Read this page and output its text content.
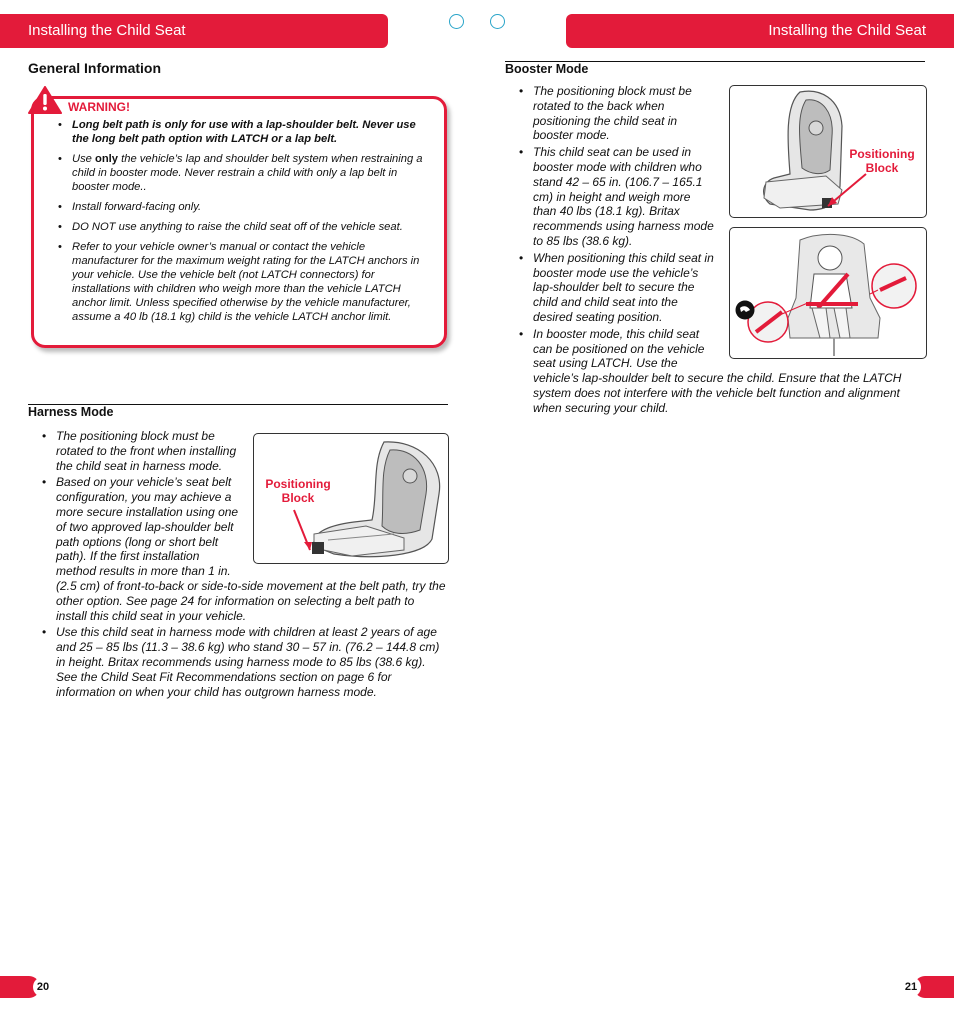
Installing the Child Seat	Installing the Child Seat
General Information
WARNING!
• Long belt path is only for use with a lap-shoulder belt. Never use the long belt path option with LATCH or a lap belt.
• Use only the vehicle’s lap and shoulder belt system when restraining a child in booster mode. Never restrain a child with only a lap belt in booster mode..
• Install forward-facing only.
• DO NOT use anything to raise the child seat off of the vehicle seat.
• Refer to your vehicle owner’s manual or contact the vehicle manufacturer for the maximum weight rating for the LATCH anchors in your vehicle. Use the vehicle belt (not LATCH connectors) for installations with children who weigh more than the vehicle LATCH anchor limit. Unless specified otherwise by the vehicle manufacturer, assume a 40 lb (18.1 kg) child is the vehicle LATCH anchor limit.
Harness Mode
• The positioning block must be rotated to the front when installing the child seat in harness mode.
• Based on your vehicle’s seat belt configuration, you may achieve a more secure installation using one of two approved lap-shoulder belt path options (long or short belt path). If the first installation method results in more than 1 in. (2.5 cm) of front-to-back or side-to-side movement at the belt path, try the other option. See page 24 for information on selecting a belt path to install this child seat in your vehicle.
• Use this child seat in harness mode with children at least 2 years of age and 25 – 85 lbs (11.3 – 38.6 kg) who stand 30 – 57 in. (76.2 – 144.8 cm) in height. Britax recommends using harness mode to 85 lbs (38.6 kg). See the Child Seat Fit Recommendations section on page 6 for information on when your child has outgrown harness mode.
Positioning Block
Booster Mode
• The positioning block must be rotated to the back when positioning the child seat in booster mode.
• This child seat can be used in booster mode with children who stand 42 – 65 in. (106.7 – 165.1 cm) in height and weigh more than 40 lbs (18.1 kg). Britax recommends using harness mode to 85 lbs (38.6 kg).
• When positioning this child seat in booster mode use the vehicle’s lap-shoulder belt to secure the child and child seat into the desired seating position.
• In booster mode, this child seat can be positioned on the vehicle seat using LATCH. Use the vehicle’s lap-shoulder belt to secure the child. Ensure that the LATCH system does not interfere with the vehicle belt function and alignment when securing your child.
Positioning Block
20	21
